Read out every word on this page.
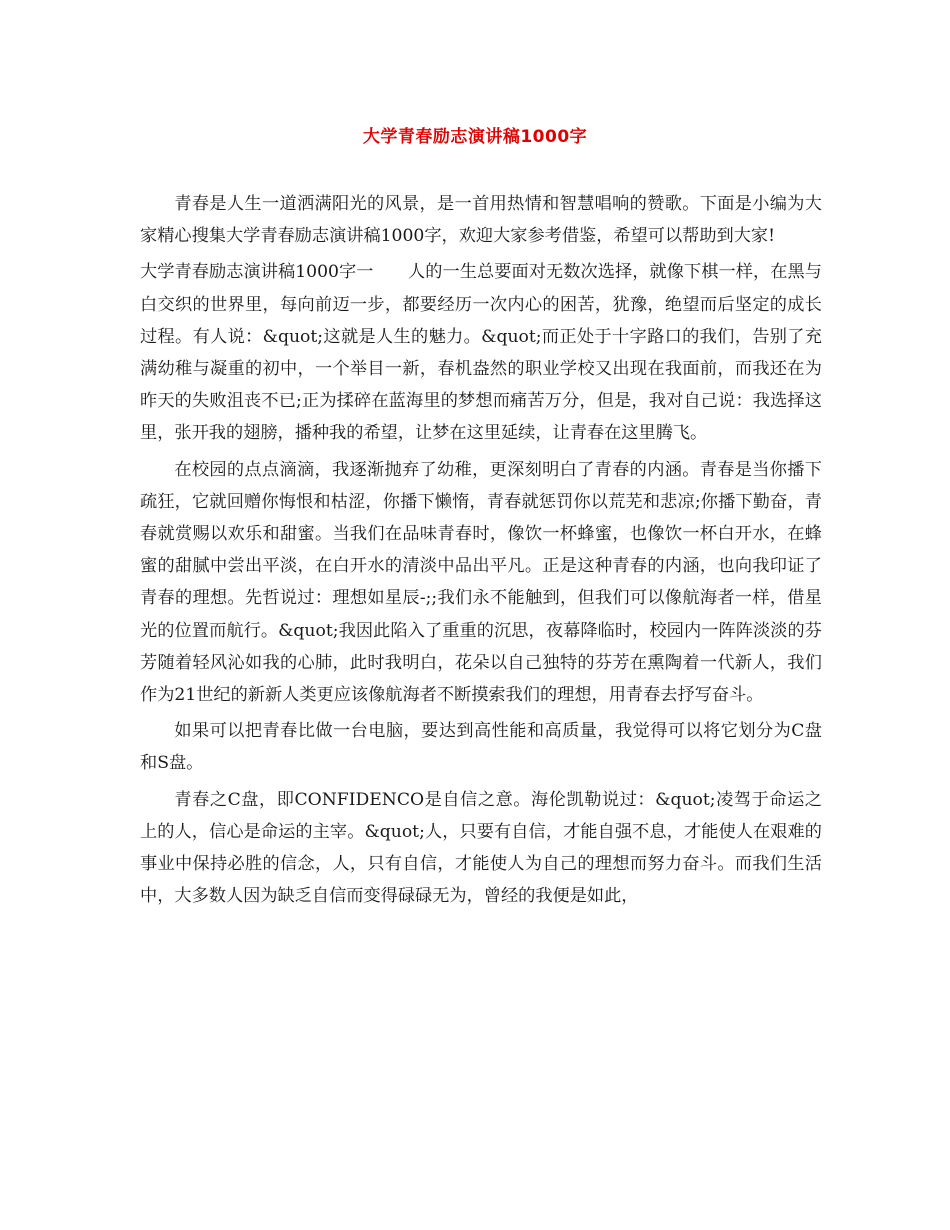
大学青春励志演讲稿1000字

青春是人生一道洒满阳光的风景，是一首用热情和智慧唱响的赞歌。下面是小编为大家精心搜集大学青春励志演讲稿1000字，欢迎大家参考借鉴，希望可以帮助到大家!

大学青春励志演讲稿1000字一　　人的一生总要面对无数次选择，就像下棋一样，在黑与白交织的世界里，每向前迈一步，都要经历一次内心的困苦，犹豫，绝望而后坚定的成长过程。有人说：&quot;这就是人生的魅力。&quot;而正处于十字路口的我们，告别了充满幼稚与凝重的初中，一个举目一新，春机盎然的职业学校又出现在我面前，而我还在为昨天的失败沮丧不已;正为揉碎在蓝海里的梦想而痛苦万分，但是，我对自己说：我选择这里，张开我的翅膀，播种我的希望，让梦在这里延续，让青春在这里腾飞。

在校园的点点滴滴，我逐渐抛弃了幼稚，更深刻明白了青春的内涵。青春是当你播下疏狂，它就回赠你悔恨和枯涩，你播下懒惰，青春就惩罚你以荒芜和悲凉;你播下勤奋，青春就赏赐以欢乐和甜蜜。当我们在品味青春时，像饮一杯蜂蜜，也像饮一杯白开水，在蜂蜜的甜腻中尝出平淡，在白开水的清淡中品出平凡。正是这种青春的内涵，也向我印证了青春的理想。先哲说过：理想如星辰-;;我们永不能触到，但我们可以像航海者一样，借星光的位置而航行。&quot;我因此陷入了重重的沉思，夜幕降临时，校园内一阵阵淡淡的芬芳随着轻风沁如我的心肺，此时我明白，花朵以自己独特的芬芳在熏陶着一代新人，我们作为21世纪的新新人类更应该像航海者不断摸索我们的理想，用青春去抒写奋斗。

如果可以把青春比做一台电脑，要达到高性能和高质量，我觉得可以将它划分为C盘和S盘。

青春之C盘，即CONFIDENCO是自信之意。海伦凯勒说过：&quot;凌驾于命运之上的人，信心是命运的主宰。&quot;人，只要有自信，才能自强不息，才能使人在艰难的事业中保持必胜的信念，人，只有自信，才能使人为自己的理想而努力奋斗。而我们生活中，大多数人因为缺乏自信而变得碌碌无为，曾经的我便是如此，
